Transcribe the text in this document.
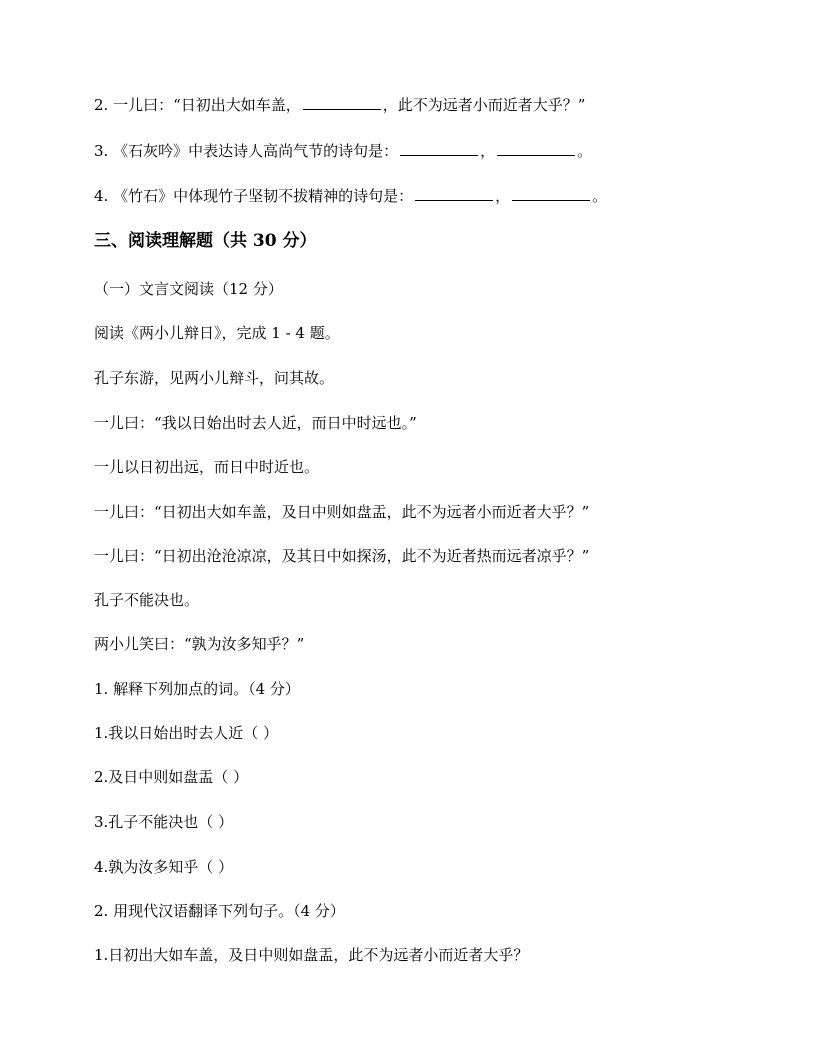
2. 一儿曰：“日初出大如车盖，	，此不为远者小而近者大乎？”
3. 《石灰吟》中表达诗人高尚气节的诗句是：	，	。
4. 《竹石》中体现竹子坚韧不拔精神的诗句是：	，	。
三、阅读理解题（共 30 分）
（一）文言文阅读（12 分）
阅读《两小儿辩日》，完成 1 - 4 题。
孔子东游，见两小儿辩斗，问其故。
一儿曰：“我以日始出时去人近，而日中时远也。”
一儿以日初出远，而日中时近也。
一儿曰：“日初出大如车盖，及日中则如盘盂，此不为远者小而近者大乎？”
一儿曰：“日初出沧沧凉凉，及其日中如探汤，此不为近者热而远者凉乎？”
孔子不能决也。
两小儿笑曰：“孰为汝多知乎？”
1. 解释下列加点的词。（4 分）
1.我以日始出时去人近（ ）
2.及日中则如盘盂（ ）
3.孔子不能决也（ ）
4.孰为汝多知乎（ ）
2. 用现代汉语翻译下列句子。（4 分）
1.日初出大如车盖，及日中则如盘盂，此不为远者小而近者大乎？
